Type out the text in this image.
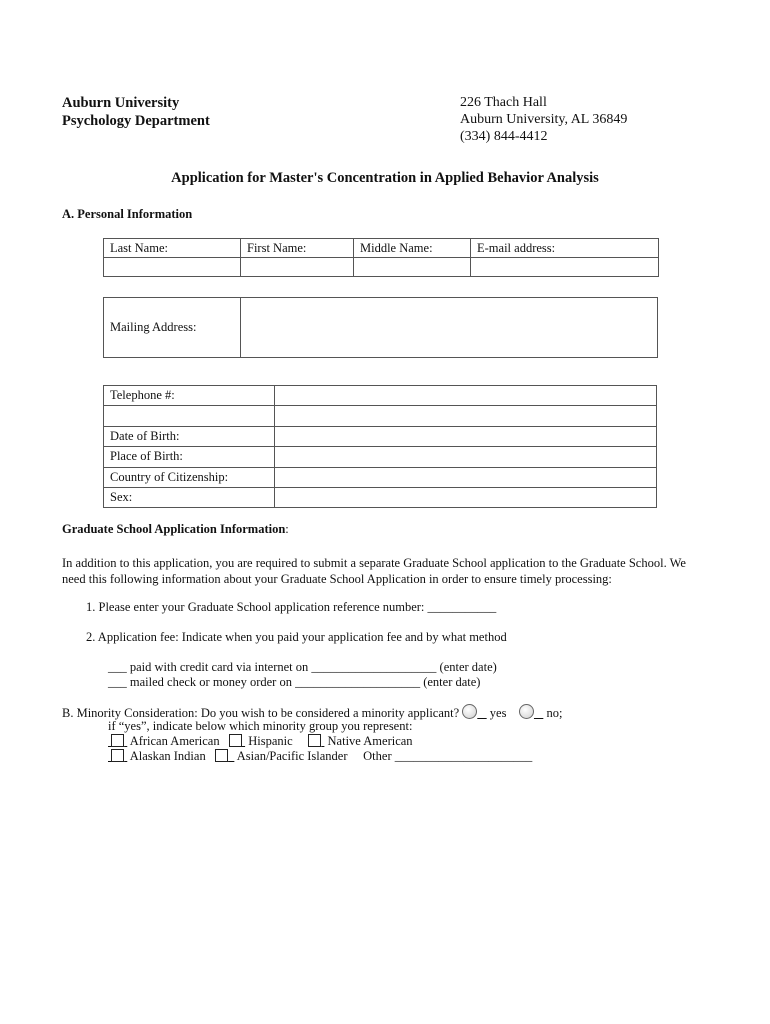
Auburn University
Psychology Department
226 Thach Hall
Auburn University, AL 36849
(334) 844-4412
Application for Master's Concentration in Applied Behavior Analysis
A. Personal Information
Last Name:	First Name:	Middle Name:	E-mail address:

Mailing Address:	
Telephone #:	

Date of Birth:	
Place of Birth:	
Country of Citizenship:	
Sex:	
Graduate School Application Information:
In addition to this application, you are required to submit a separate Graduate School application to the Graduate School. We
need this following information about your Graduate School Application in order to ensure timely processing:
1. Please enter your Graduate School application reference number: ___________
2. Application fee: Indicate when you paid your application fee and by what method
___ paid with credit card via internet on ____________________ (enter date)
___ mailed check or money order on ____________________ (enter date)
B. Minority Consideration: Do you wish to be considered a minority applicant? yes	no;
if “yes”, indicate below which minority group you represent:
African American Hispanic	Native American
Alaskan Indian Asian/Pacific Islander Other ______________________
